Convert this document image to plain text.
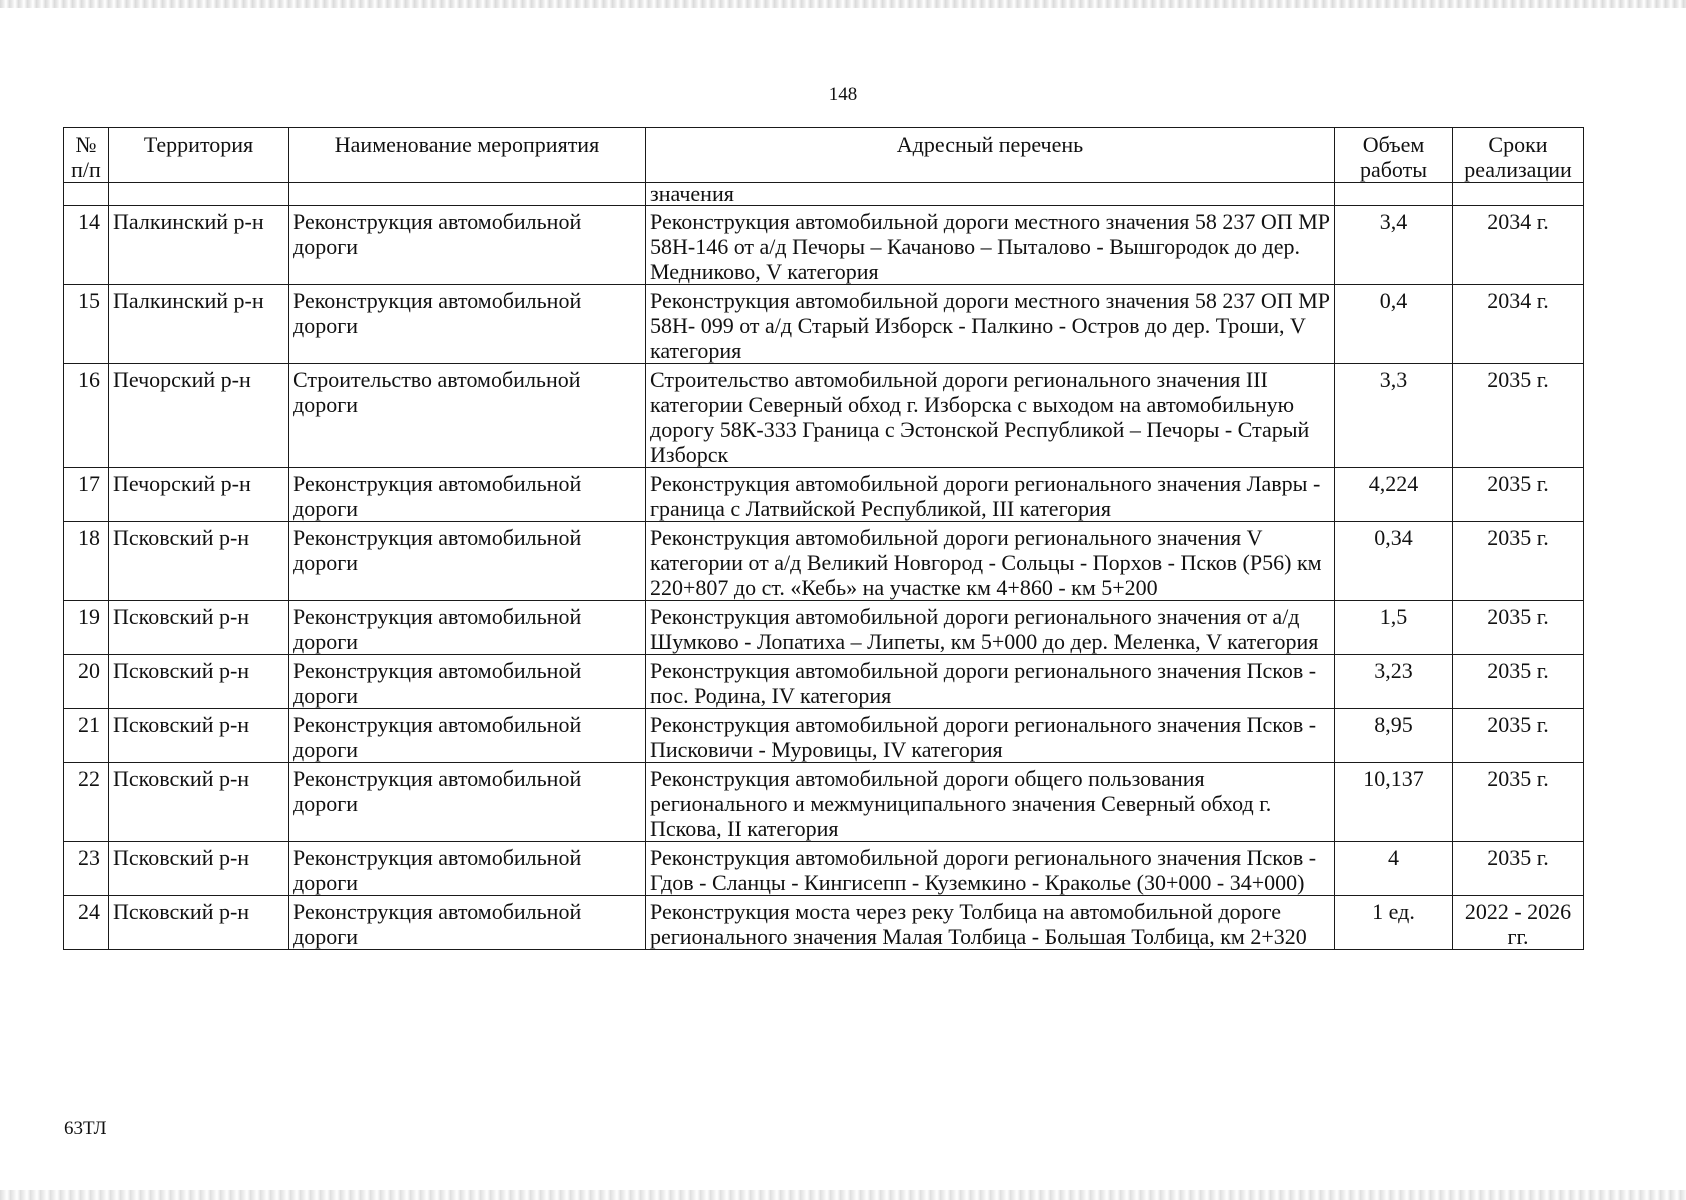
148
№ п/п	Территория	Наименование мероприятия	Адресный перечень	Объем работы	Сроки реализации
			значения		
14	Палкинский р-н	Реконструкция автомобильной дороги	Реконструкция автомобильной дороги местного значения 58 237 ОП МР 58Н-146 от а/д Печоры – Качаново – Пыталово - Вышгородок до дер. Медниково, V категория	3,4	2034 г.
15	Палкинский р-н	Реконструкция автомобильной дороги	Реконструкция автомобильной дороги местного значения 58 237 ОП МР 58Н- 099 от а/д Старый Изборск - Палкино - Остров до дер. Троши, V категория	0,4	2034 г.
16	Печорский р-н	Строительство автомобильной дороги	Строительство автомобильной дороги регионального значения III категории Северный обход г. Изборска с выходом на автомобильную дорогу 58К-333 Граница с Эстонской Республикой – Печоры - Старый Изборск	3,3	2035 г.
17	Печорский р-н	Реконструкция автомобильной дороги	Реконструкция автомобильной дороги регионального значения Лавры - граница с Латвийской Республикой, III категория	4,224	2035 г.
18	Псковский р-н	Реконструкция автомобильной дороги	Реконструкция автомобильной дороги регионального значения V категории от а/д Великий Новгород - Сольцы - Порхов - Псков (Р56) км 220+807 до ст. «Кебь» на участке км 4+860 - км 5+200	0,34	2035 г.
19	Псковский р-н	Реконструкция автомобильной дороги	Реконструкция автомобильной дороги регионального значения от а/д Шумково - Лопатиха – Липеты, км 5+000 до дер. Меленка, V категория	1,5	2035 г.
20	Псковский р-н	Реконструкция автомобильной дороги	Реконструкция автомобильной дороги регионального значения Псков - пос. Родина, IV категория	3,23	2035 г.
21	Псковский р-н	Реконструкция автомобильной дороги	Реконструкция автомобильной дороги регионального значения Псков - Писковичи - Муровицы, IV категория	8,95	2035 г.
22	Псковский р-н	Реконструкция автомобильной дороги	Реконструкция автомобильной дороги общего пользования регионального и межмуниципального значения Северный обход г. Пскова, II категория	10,137	2035 г.
23	Псковский р-н	Реконструкция автомобильной дороги	Реконструкция автомобильной дороги регионального значения Псков - Гдов - Сланцы - Кингисепп - Куземкино - Краколье (30+000 - 34+000)	4	2035 г.
24	Псковский р-н	Реконструкция автомобильной дороги	Реконструкция моста через реку Толбица на автомобильной дороге регионального значения Малая Толбица - Большая Толбица, км 2+320	1 ед.	2022 - 2026 гг.
63ТЛ
